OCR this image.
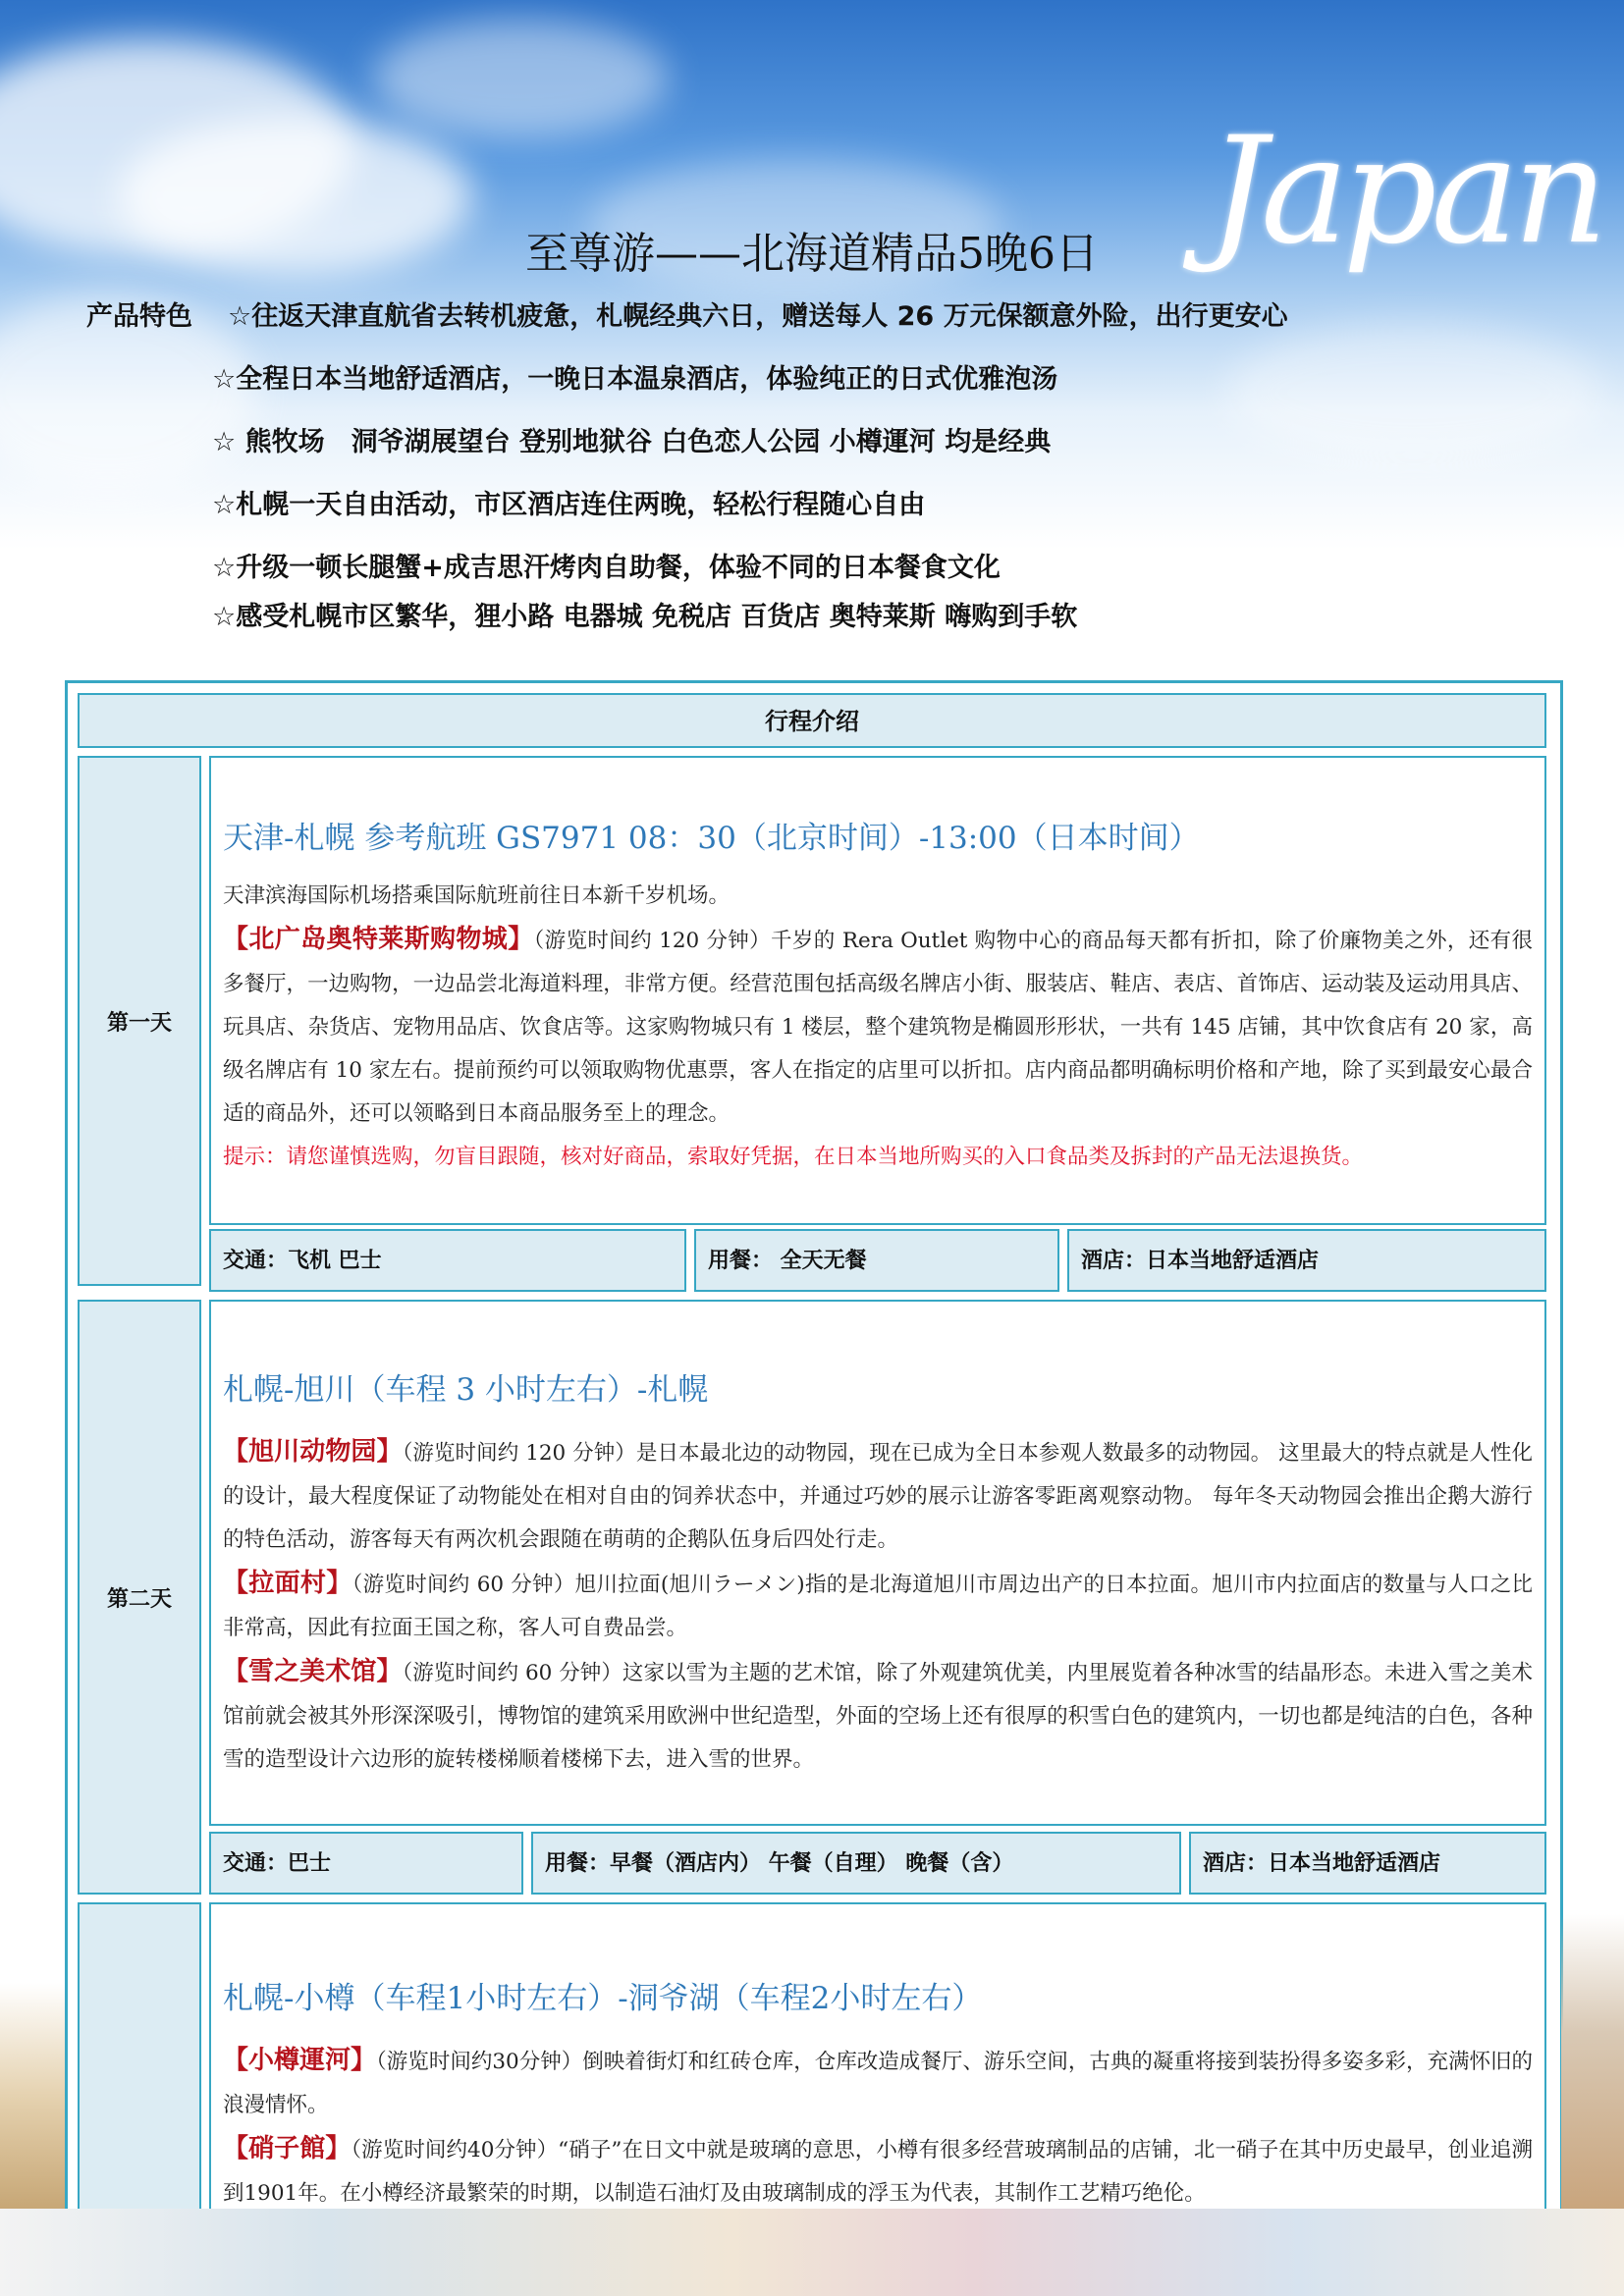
Japan
至尊游——北海道精品5晚6日
产品特色 ☆往返天津直航省去转机疲惫，札幌经典六日，赠送每人 26 万元保额意外险，出行更安心
☆全程日本当地舒适酒店，一晚日本温泉酒店，体验纯正的日式优雅泡汤
☆ 熊牧场　洞爷湖展望台 登别地狱谷 白色恋人公园 小樽運河 均是经典
☆札幌一天自由活动，市区酒店连住两晚，轻松行程随心自由
☆升级一顿长腿蟹+成吉思汗烤肉自助餐，体验不同的日本餐食文化
☆感受札幌市区繁华，狸小路 电器城 免税店 百货店 奥特莱斯 嗨购到手软
行程介绍
第一天
天津-札幌 参考航班 GS7971 08：30（北京时间）-13:00（日本时间）

天津滨海国际机场搭乘国际航班前往日本新千岁机场。
【北广岛奥特莱斯购物城】（游览时间约 120 分钟）千岁的 Rera Outlet 购物中心的商品每天都有折扣，除了价廉物美之外，还有很多餐厅，一边购物，一边品尝北海道料理，非常方便。经营范围包括高级名牌店小街、服装店、鞋店、表店、首饰店、运动装及运动用具店、玩具店、杂货店、宠物用品店、饮食店等。这家购物城只有 1 楼层，整个建筑物是椭圆形形状，一共有 145 店铺，其中饮食店有 20 家，高级名牌店有 10 家左右。提前预约可以领取购物优惠票，客人在指定的店里可以折扣。店内商品都明确标明价格和产地，除了买到最安心最合适的商品外，还可以领略到日本商品服务至上的理念。
提示：请您谨慎选购，勿盲目跟随，核对好商品，索取好凭据，在日本当地所购买的入口食品类及拆封的产品无法退换货。

交通：飞机 巴士	用餐： 全天无餐	酒店：日本当地舒适酒店
第二天
札幌-旭川（车程 3 小时左右）-札幌

【旭川动物园】（游览时间约 120 分钟）是日本最北边的动物园，现在已成为全日本参观人数最多的动物园。 这里最大的特点就是人性化的设计，最大程度保证了动物能处在相对自由的饲养状态中，并通过巧妙的展示让游客零距离观察动物。 每年冬天动物园会推出企鹅大游行的特色活动，游客每天有两次机会跟随在萌萌的企鹅队伍身后四处行走。
【拉面村】（游览时间约 60 分钟）旭川拉面(旭川ラーメン)指的是北海道旭川市周边出产的日本拉面。旭川市内拉面店的数量与人口之比非常高，因此有拉面王国之称，客人可自费品尝。
【雪之美术馆】（游览时间约 60 分钟）这家以雪为主题的艺术馆，除了外观建筑优美，内里展览着各种冰雪的结晶形态。未进入雪之美术馆前就会被其外形深深吸引，博物馆的建筑采用欧洲中世纪造型，外面的空场上还有很厚的积雪白色的建筑内，一切也都是纯洁的白色，各种雪的造型设计六边形的旋转楼梯顺着楼梯下去，进入雪的世界。

交通：巴士	用餐：早餐（酒店内） 午餐（自理） 晚餐（含）	酒店：日本当地舒适酒店
札幌-小樽（车程1小时左右）-洞爷湖（车程2小时左右）

【小樽運河】（游览时间约30分钟）倒映着街灯和红砖仓库，仓库改造成餐厅、游乐空间，古典的凝重将接到装扮得多姿多彩，充满怀旧的浪漫情怀。
【硝子館】（游览时间约40分钟）“硝子”在日文中就是玻璃的意思，小樽有很多经营玻璃制品的店铺，北一硝子在其中历史最早，创业追溯到1901年。在小樽经济最繁荣的时期，以制造石油灯及由玻璃制成的浮玉为代表，其制作工艺精巧绝伦。
